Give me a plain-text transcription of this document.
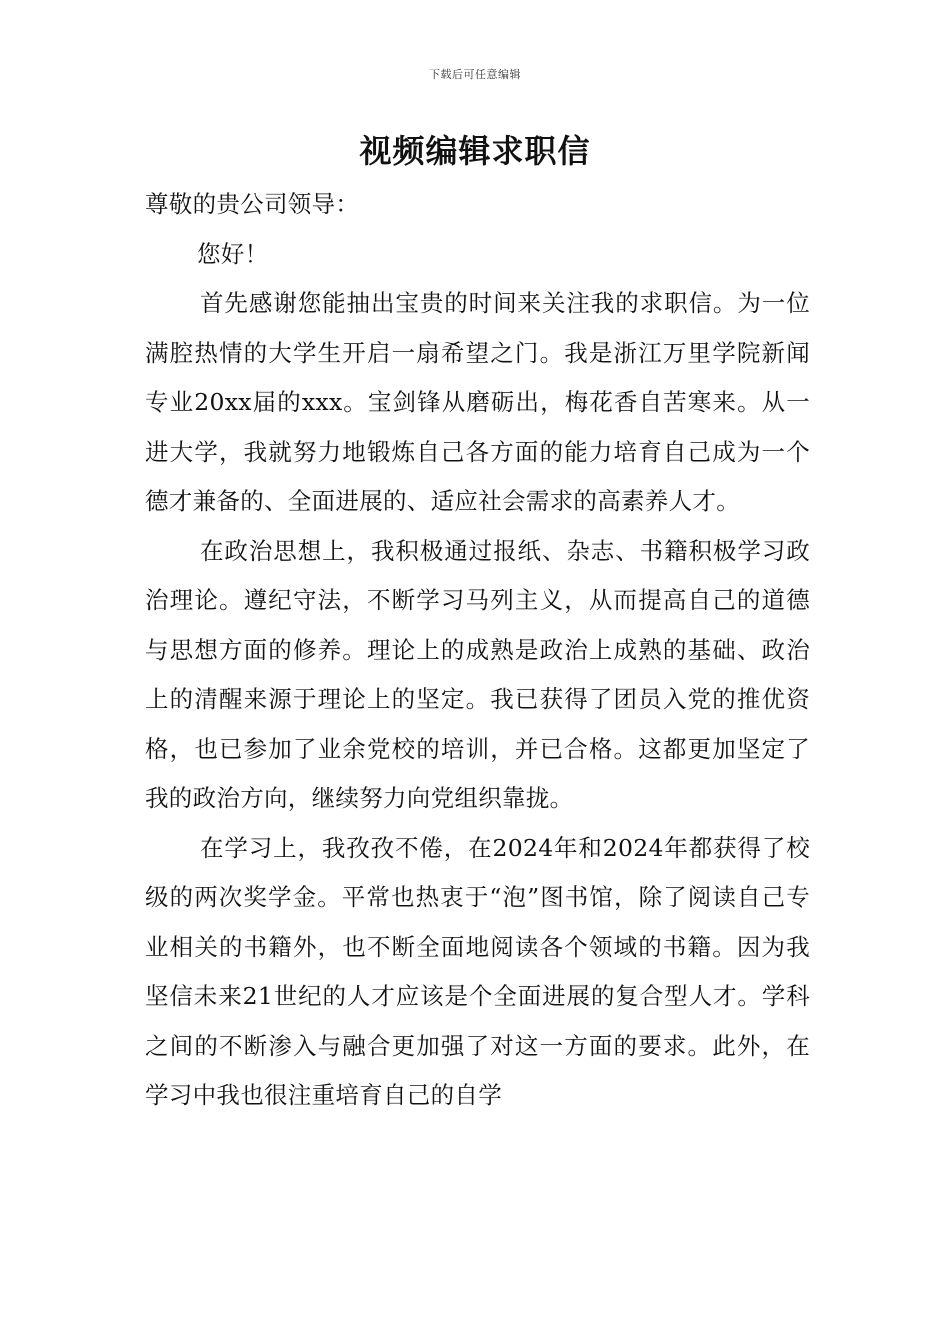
下载后可任意编辑
视频编辑求职信

尊敬的贵公司领导：

您好！

首先感谢您能抽出宝贵的时间来关注我的求职信。为一位满腔热情的大学生开启一扇希望之门。我是浙江万里学院新闻专业20xx届的xxx。宝剑锋从磨砺出，梅花香自苦寒来。从一进大学，我就努力地锻炼自己各方面的能力培育自己成为一个德才兼备的、全面进展的、适应社会需求的高素养人才。

在政治思想上，我积极通过报纸、杂志、书籍积极学习政治理论。遵纪守法，不断学习马列主义，从而提高自己的道德与思想方面的修养。理论上的成熟是政治上成熟的基础、政治上的清醒来源于理论上的坚定。我已获得了团员入党的推优资格，也已参加了业余党校的培训，并已合格。这都更加坚定了我的政治方向，继续努力向党组织靠拢。

在学习上，我孜孜不倦，在2024年和2024年都获得了校级的两次奖学金。平常也热衷于“泡”图书馆，除了阅读自己专业相关的书籍外，也不断全面地阅读各个领域的书籍。因为我坚信未来21世纪的人才应该是个全面进展的复合型人才。学科之间的不断渗入与融合更加强了对这一方面的要求。此外，在学习中我也很注重培育自己的自学
